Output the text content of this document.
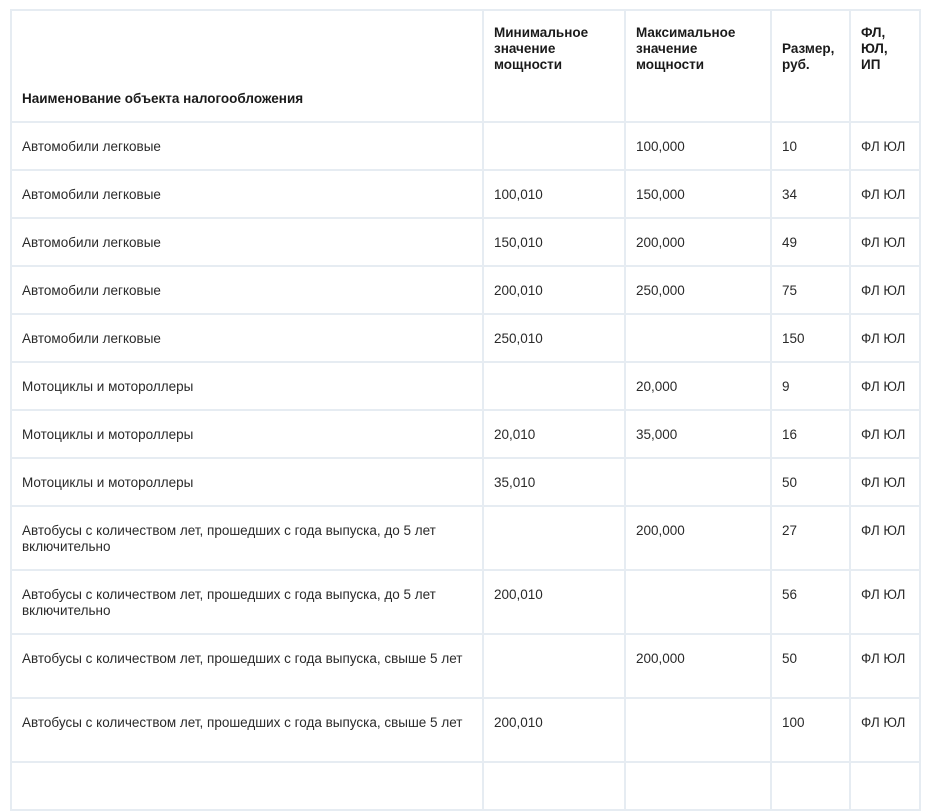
Наименование объекта налогообложения	Минимальное значение мощности	Максимальное значение мощности	Размер, руб.	ФЛ, ЮЛ, ИП
Автомобили легковые		100,000	10	ФЛ ЮЛ
Автомобили легковые	100,010	150,000	34	ФЛ ЮЛ
Автомобили легковые	150,010	200,000	49	ФЛ ЮЛ
Автомобили легковые	200,010	250,000	75	ФЛ ЮЛ
Автомобили легковые	250,010		150	ФЛ ЮЛ
Мотоциклы и мотороллеры		20,000	9	ФЛ ЮЛ
Мотоциклы и мотороллеры	20,010	35,000	16	ФЛ ЮЛ
Мотоциклы и мотороллеры	35,010		50	ФЛ ЮЛ
Автобусы с количеством лет, прошедших с года выпуска, до 5 лет включительно		200,000	27	ФЛ ЮЛ
Автобусы с количеством лет, прошедших с года выпуска, до 5 лет включительно	200,010		56	ФЛ ЮЛ
Автобусы с количеством лет, прошедших с года выпуска, свыше 5 лет		200,000	50	ФЛ ЮЛ
Автобусы с количеством лет, прошедших с года выпуска, свыше 5 лет	200,010		100	ФЛ ЮЛ
